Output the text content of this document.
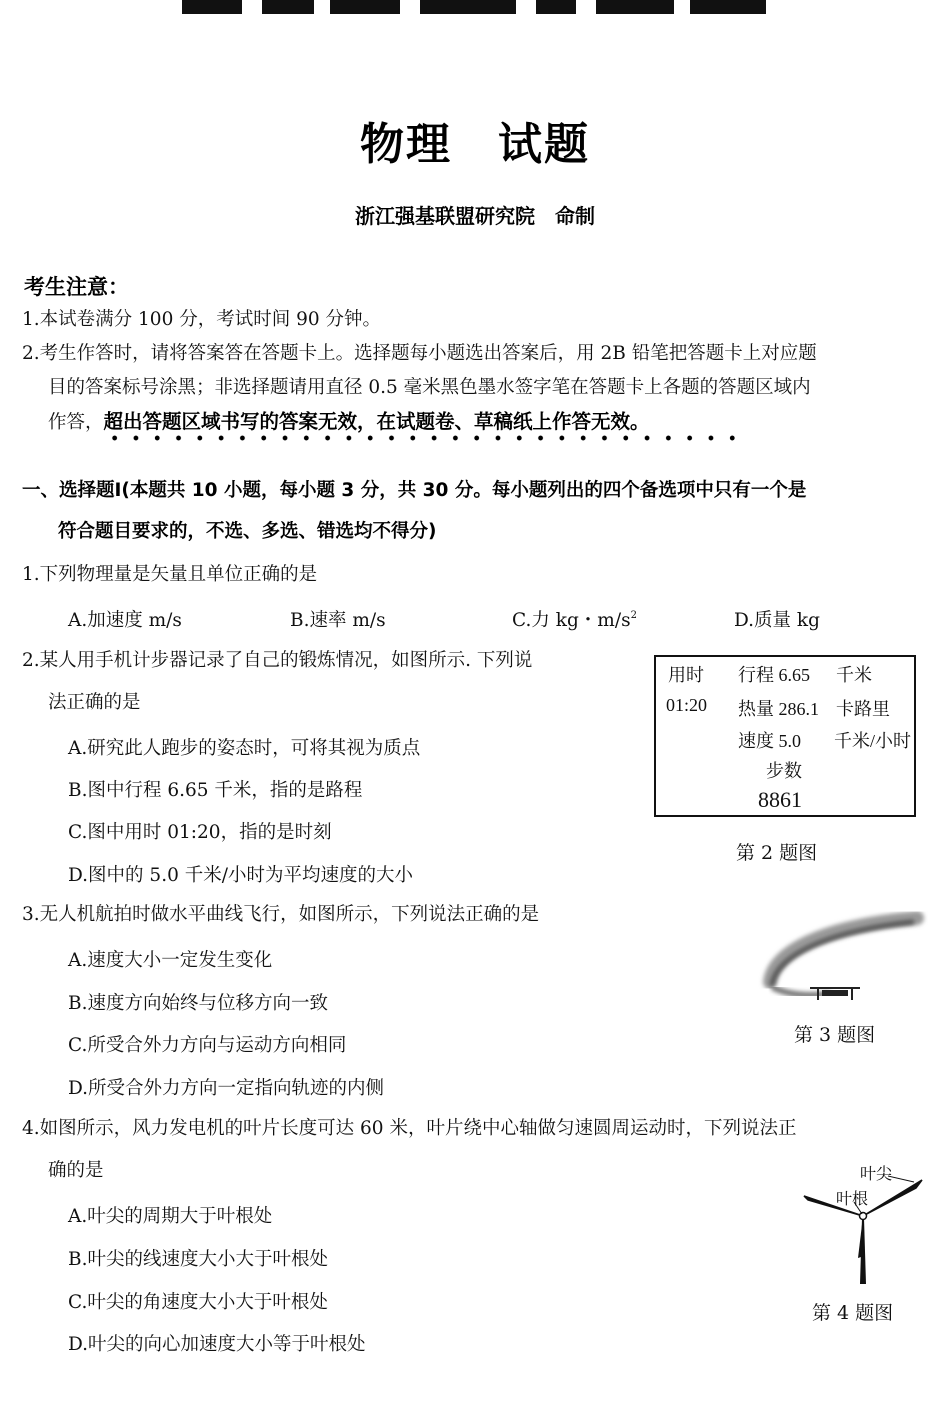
物理　试题
浙江强基联盟研究院　命制
考生注意：
1.本试卷满分 100 分，考试时间 90 分钟。
2.考生作答时，请将答案答在答题卡上。选择题每小题选出答案后，用 2B 铅笔把答题卡上对应题
目的答案标号涂黑；非选择题请用直径 0.5 毫米黑色墨水签字笔在答题卡上各题的答题区域内
作答，超出答题区域书写的答案无效，在试题卷、草稿纸上作答无效。
一、选择题Ⅰ(本题共 10 小题，每小题 3 分，共 30 分。每小题列出的四个备选项中只有一个是
符合题目要求的，不选、多选、错选均不得分)
1.下列物理量是矢量且单位正确的是
A.加速度 m/s	B.速率 m/s	C.力 kg・$m/s^2$	D.质量 kg
2.某人用手机计步器记录了自己的锻炼情况，如图所示. 下列说
法正确的是
A.研究此人跑步的姿态时，可将其视为质点
B.图中行程 6.65 千米，指的是路程
C.图中用时 01:20，指的是时刻
D.图中的 5.0 千米/小时为平均速度的大小
用时
01:20
行程 6.65 千米
热量 286.1 卡路里
速度 5.0 千米/小时
步数
8861
第 2 题图
3.无人机航拍时做水平曲线飞行，如图所示，下列说法正确的是
A.速度大小一定发生变化
B.速度方向始终与位移方向一致
C.所受合外力方向与运动方向相同
D.所受合外力方向一定指向轨迹的内侧
第 3 题图
4.如图所示，风力发电机的叶片长度可达 60 米，叶片绕中心轴做匀速圆周运动时，下列说法正
确的是
A.叶尖的周期大于叶根处
B.叶尖的线速度大小大于叶根处
C.叶尖的角速度大小大于叶根处
D.叶尖的向心加速度大小等于叶根处
叶尖
叶根
第 4 题图
